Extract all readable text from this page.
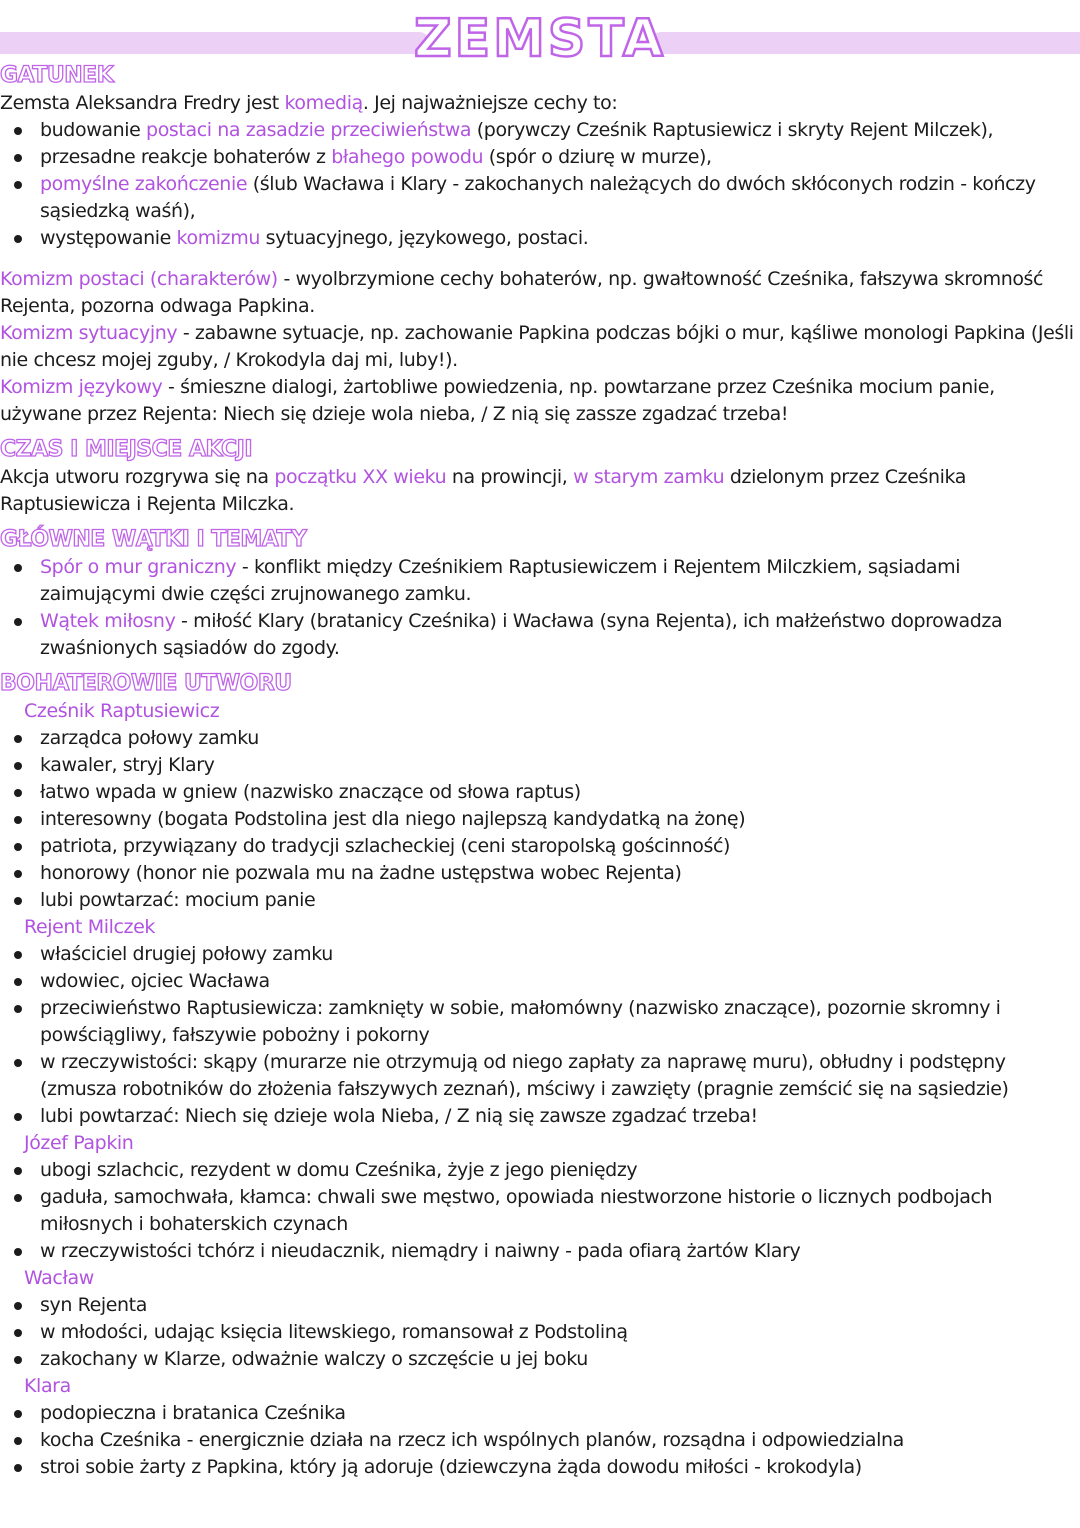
ZEMSTA
GATUNEK

Zemsta Aleksandra Fredry jest komedią. Jej najważniejsze cechy to:

budowanie postaci na zasadzie przeciwieństwa (porywczy Cześnik Raptusiewicz i skryty Rejent Milczek),
przesadne reakcje bohaterów z błahego powodu (spór o dziurę w murze),
pomyślne zakończenie (ślub Wacława i Klary - zakochanych należących do dwóch skłóconych rodzin - kończy sąsiedzką waśń),
występowanie komizmu sytuacyjnego, językowego, postaci.

Komizm postaci (charakterów) - wyolbrzymione cechy bohaterów, np. gwałtowność Cześnika, fałszywa skromność Rejenta, pozorna odwaga Papkina.

Komizm sytuacyjny - zabawne sytuacje, np. zachowanie Papkina podczas bójki o mur, kąśliwe monologi Papkina (Jeśli nie chcesz mojej zguby, / Krokodyla daj mi, luby!).

Komizm językowy - śmieszne dialogi, żartobliwe powiedzenia, np. powtarzane przez Cześnika mocium panie, używane przez Rejenta: Niech się dzieje wola nieba, / Z nią się zassze zgadzać trzeba!

CZAS I MIEJSCE AKCJI

Akcja utworu rozgrywa się na początku XX wieku na prowincji, w starym zamku dzielonym przez Cześnika Raptusiewicza i Rejenta Milczka.

GŁÓWNE WĄTKI I TEMATY
Spór o mur graniczny - konflikt między Cześnikiem Raptusiewiczem i Rejentem Milczkiem, sąsiadami zaimującymi dwie części zrujnowanego zamku.
Wątek miłosny - miłość Klary (bratanicy Cześnika) i Wacława (syna Rejenta), ich małżeństwo doprowadza zwaśnionych sąsiadów do zgody.
BOHATEROWIE UTWORU

Cześnik Raptusiewicz

zarządca połowy zamku
kawaler, stryj Klary
łatwo wpada w gniew (nazwisko znaczące od słowa raptus)
interesowny (bogata Podstolina jest dla niego najlepszą kandydatką na żonę)
patriota, przywiązany do tradycji szlacheckiej (ceni staropolską gościnność)
honorowy (honor nie pozwala mu na żadne ustępstwa wobec Rejenta)
lubi powtarzać: mocium panie

Rejent Milczek

właściciel drugiej połowy zamku
wdowiec, ojciec Wacława
przeciwieństwo Raptusiewicza: zamknięty w sobie, małomówny (nazwisko znaczące), pozornie skromny i powściągliwy, fałszywie pobożny i pokorny
w rzeczywistości: skąpy (murarze nie otrzymują od niego zapłaty za naprawę muru), obłudny i podstępny (zmusza robotników do złożenia fałszywych zeznań), mściwy i zawzięty (pragnie zemścić się na sąsiedzie)
lubi powtarzać: Niech się dzieje wola Nieba, / Z nią się zawsze zgadzać trzeba!

Józef Papkin

ubogi szlachcic, rezydent w domu Cześnika, żyje z jego pieniędzy
gaduła, samochwała, kłamca: chwali swe męstwo, opowiada niestworzone historie o licznych podbojach miłosnych i bohaterskich czynach
w rzeczywistości tchórz i nieudacznik, niemądry i naiwny - pada ofiarą żartów Klary

Wacław

syn Rejenta
w młodości, udając księcia litewskiego, romansował z Podstoliną
zakochany w Klarze, odważnie walczy o szczęście u jej boku

Klara

podopieczna i bratanica Cześnika
kocha Cześnika - energicznie działa na rzecz ich wspólnych planów, rozsądna i odpowiedzialna
stroi sobie żarty z Papkina, który ją adoruje (dziewczyna żąda dowodu miłości - krokodyla)
